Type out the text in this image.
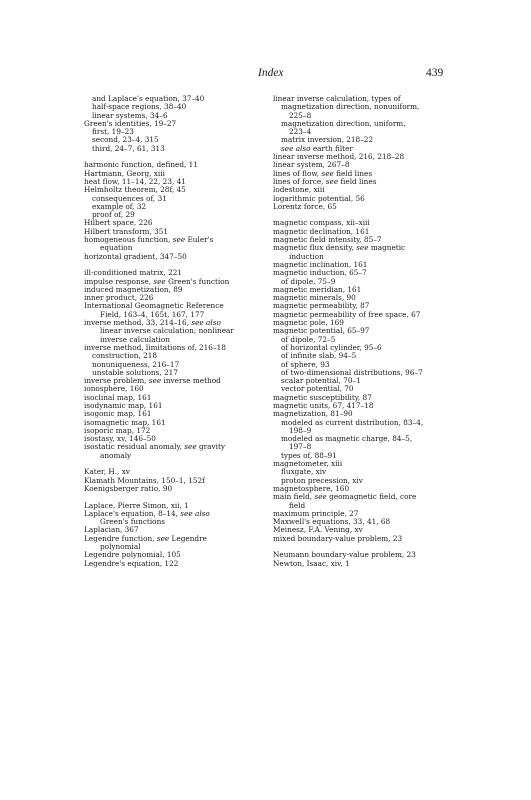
Index	439
and Laplace's equation, 37–40
half-space regions, 38–40
linear systems, 34–6
Green's identities, 19–27
first, 19–23
second, 23–4, 315
third, 24–7, 61, 313
harmonic function, defined, 11
Hartmann, Georg, xiii
heat flow, 11–14, 22, 23, 41
Helmholtz theorem, 28f, 45
consequences of, 31
example of, 32
proof of, 29
Hilbert space, 226
Hilbert transform, 351
homogeneous function, see Euler's
equation
horizontal gradient, 347–50
ill-conditioned matrix, 221
impulse response, see Green's function
induced magnetization, 89
inner product, 226
International Geomagnetic Reference
Field, 163–4, 165t, 167, 177
inverse method, 33, 214–16, see also
linear inverse calculation; nonlinear
inverse calculation
inverse method, limitations of, 216–18
construction, 218
nonuniqueness, 216–17
unstable solutions, 217
inverse problem, see inverse method
ionosphere, 160
isoclinal map, 161
isodynamic map, 161
isogonic map, 161
isomagnetic map, 161
isoporic map, 172
isostasy, xv, 146–50
isostatic residual anomaly, see gravity
anomaly
Kater, H., xv
Klamath Mountains, 150–1, 152f
Koenigsberger ratio, 90
Laplace, Pierre Simon, xii, 1
Laplace's equation, 8–14, see also
Green's functions
Laplacian, 367
Legendre function, see Legendre
polynomial
Legendre polynomial, 105
Legendre's equation, 122
linear inverse calculation, types of
magnetization direction, nonuniform,
225–8
magnetization direction, uniform,
223–4
matrix inversion, 218–22
see also earth filter
linear inverse method, 216, 218–28
linear system, 267–8
lines of flow, see field lines
lines of force, see field lines
lodestone, xiii
logarithmic potential, 56
Lorentz force, 65
magnetic compass, xii–xiii
magnetic declination, 161
magnetic field intensity, 85–7
magnetic flux density, see magnetic
induction
magnetic inclination, 161
magnetic induction, 65–7
of dipole, 75–9
magnetic meridian, 161
magnetic minerals, 90
magnetic permeability, 87
magnetic permeability of free space, 67
magnetic pole, 169
magnetic potential, 65–97
of dipole, 72–5
of horizontal cylinder, 95–6
of infinite slab, 94–5
of sphere, 93
of two-dimensional distributions, 96–7
scalar potential, 70–1
vector potential, 70
magnetic susceptibility, 87
magnetic units, 67, 417–18
magnetization, 81–90
modeled as current distribution, 83–4,
198–9
modeled as magnetic charge, 84–5,
197–8
types of, 88–91
magnetometer, xiii
fluxgate, xiv
proton precession, xiv
magnetosphere, 160
main field, see geomagnetic field, core
field
maximum principle, 27
Maxwell's equations, 33, 41, 68
Meinesz, F.A. Vening, xv
mixed boundary-value problem, 23
Neumann boundary-value problem, 23
Newton, Isaac, xiv, 1
